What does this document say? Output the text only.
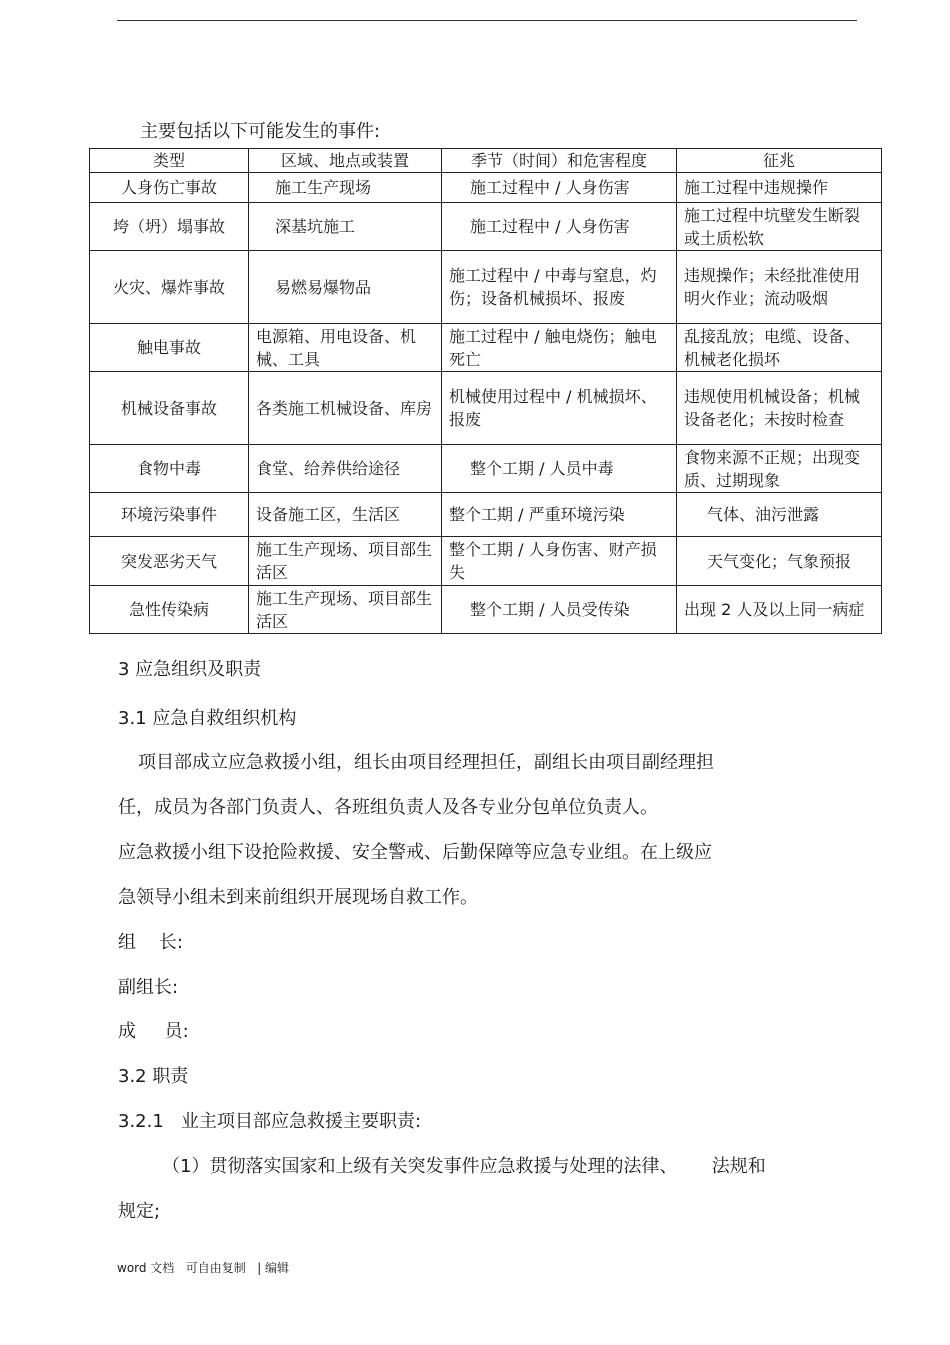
主要包括以下可能发生的事件:
类型	区域、地点或装置	季节（时间）和危害程度	征兆
人身伤亡事故	施工生产现场	施工过程中 / 人身伤害	施工过程中违规操作
垮（坍）塌事故	深基坑施工	施工过程中 / 人身伤害	施工过程中坑壁发生断裂或土质松软
火灾、爆炸事故	易燃易爆物品	施工过程中 / 中毒与窒息，灼伤；设备机械损坏、报废	违规操作；未经批准使用明火作业；流动吸烟
触电事故	电源箱、用电设备、机械、工具	施工过程中 / 触电烧伤；触电死亡	乱接乱放；电缆、设备、机械老化损坏
机械设备事故	各类施工机械设备、库房	机械使用过程中 / 机械损坏、报废	违规使用机械设备；机械设备老化；未按时检查
食物中毒	食堂、给养供给途径	整个工期 / 人员中毒	食物来源不正规；出现变质、过期现象
环境污染事件	设备施工区，生活区	整个工期 / 严重环境污染	气体、油污泄露
突发恶劣天气	施工生产现场、项目部生活区	整个工期 / 人身伤害、财产损失	天气变化；气象预报
急性传染病	施工生产现场、项目部生活区	整个工期 / 人员受传染	出现 2 人及以上同一病症
3 应急组织及职责
3.1 应急自救组织机构
项目部成立应急救援小组，组长由项目经理担任，副组长由项目副经理担
任，成员为各部门负责人、各班组负责人及各专业分包单位负责人。
应急救援小组下设抢险救援、安全警戒、后勤保障等应急专业组。在上级应
急领导小组未到来前组织开展现场自救工作。
组    长:
副组长:
成     员:
3.2 职责
3.2.1   业主项目部应急救援主要职责:
（1）贯彻落实国家和上级有关突发事件应急救援与处理的法律、      法规和
规定;
word 文档   可自由复制   | 编辑
